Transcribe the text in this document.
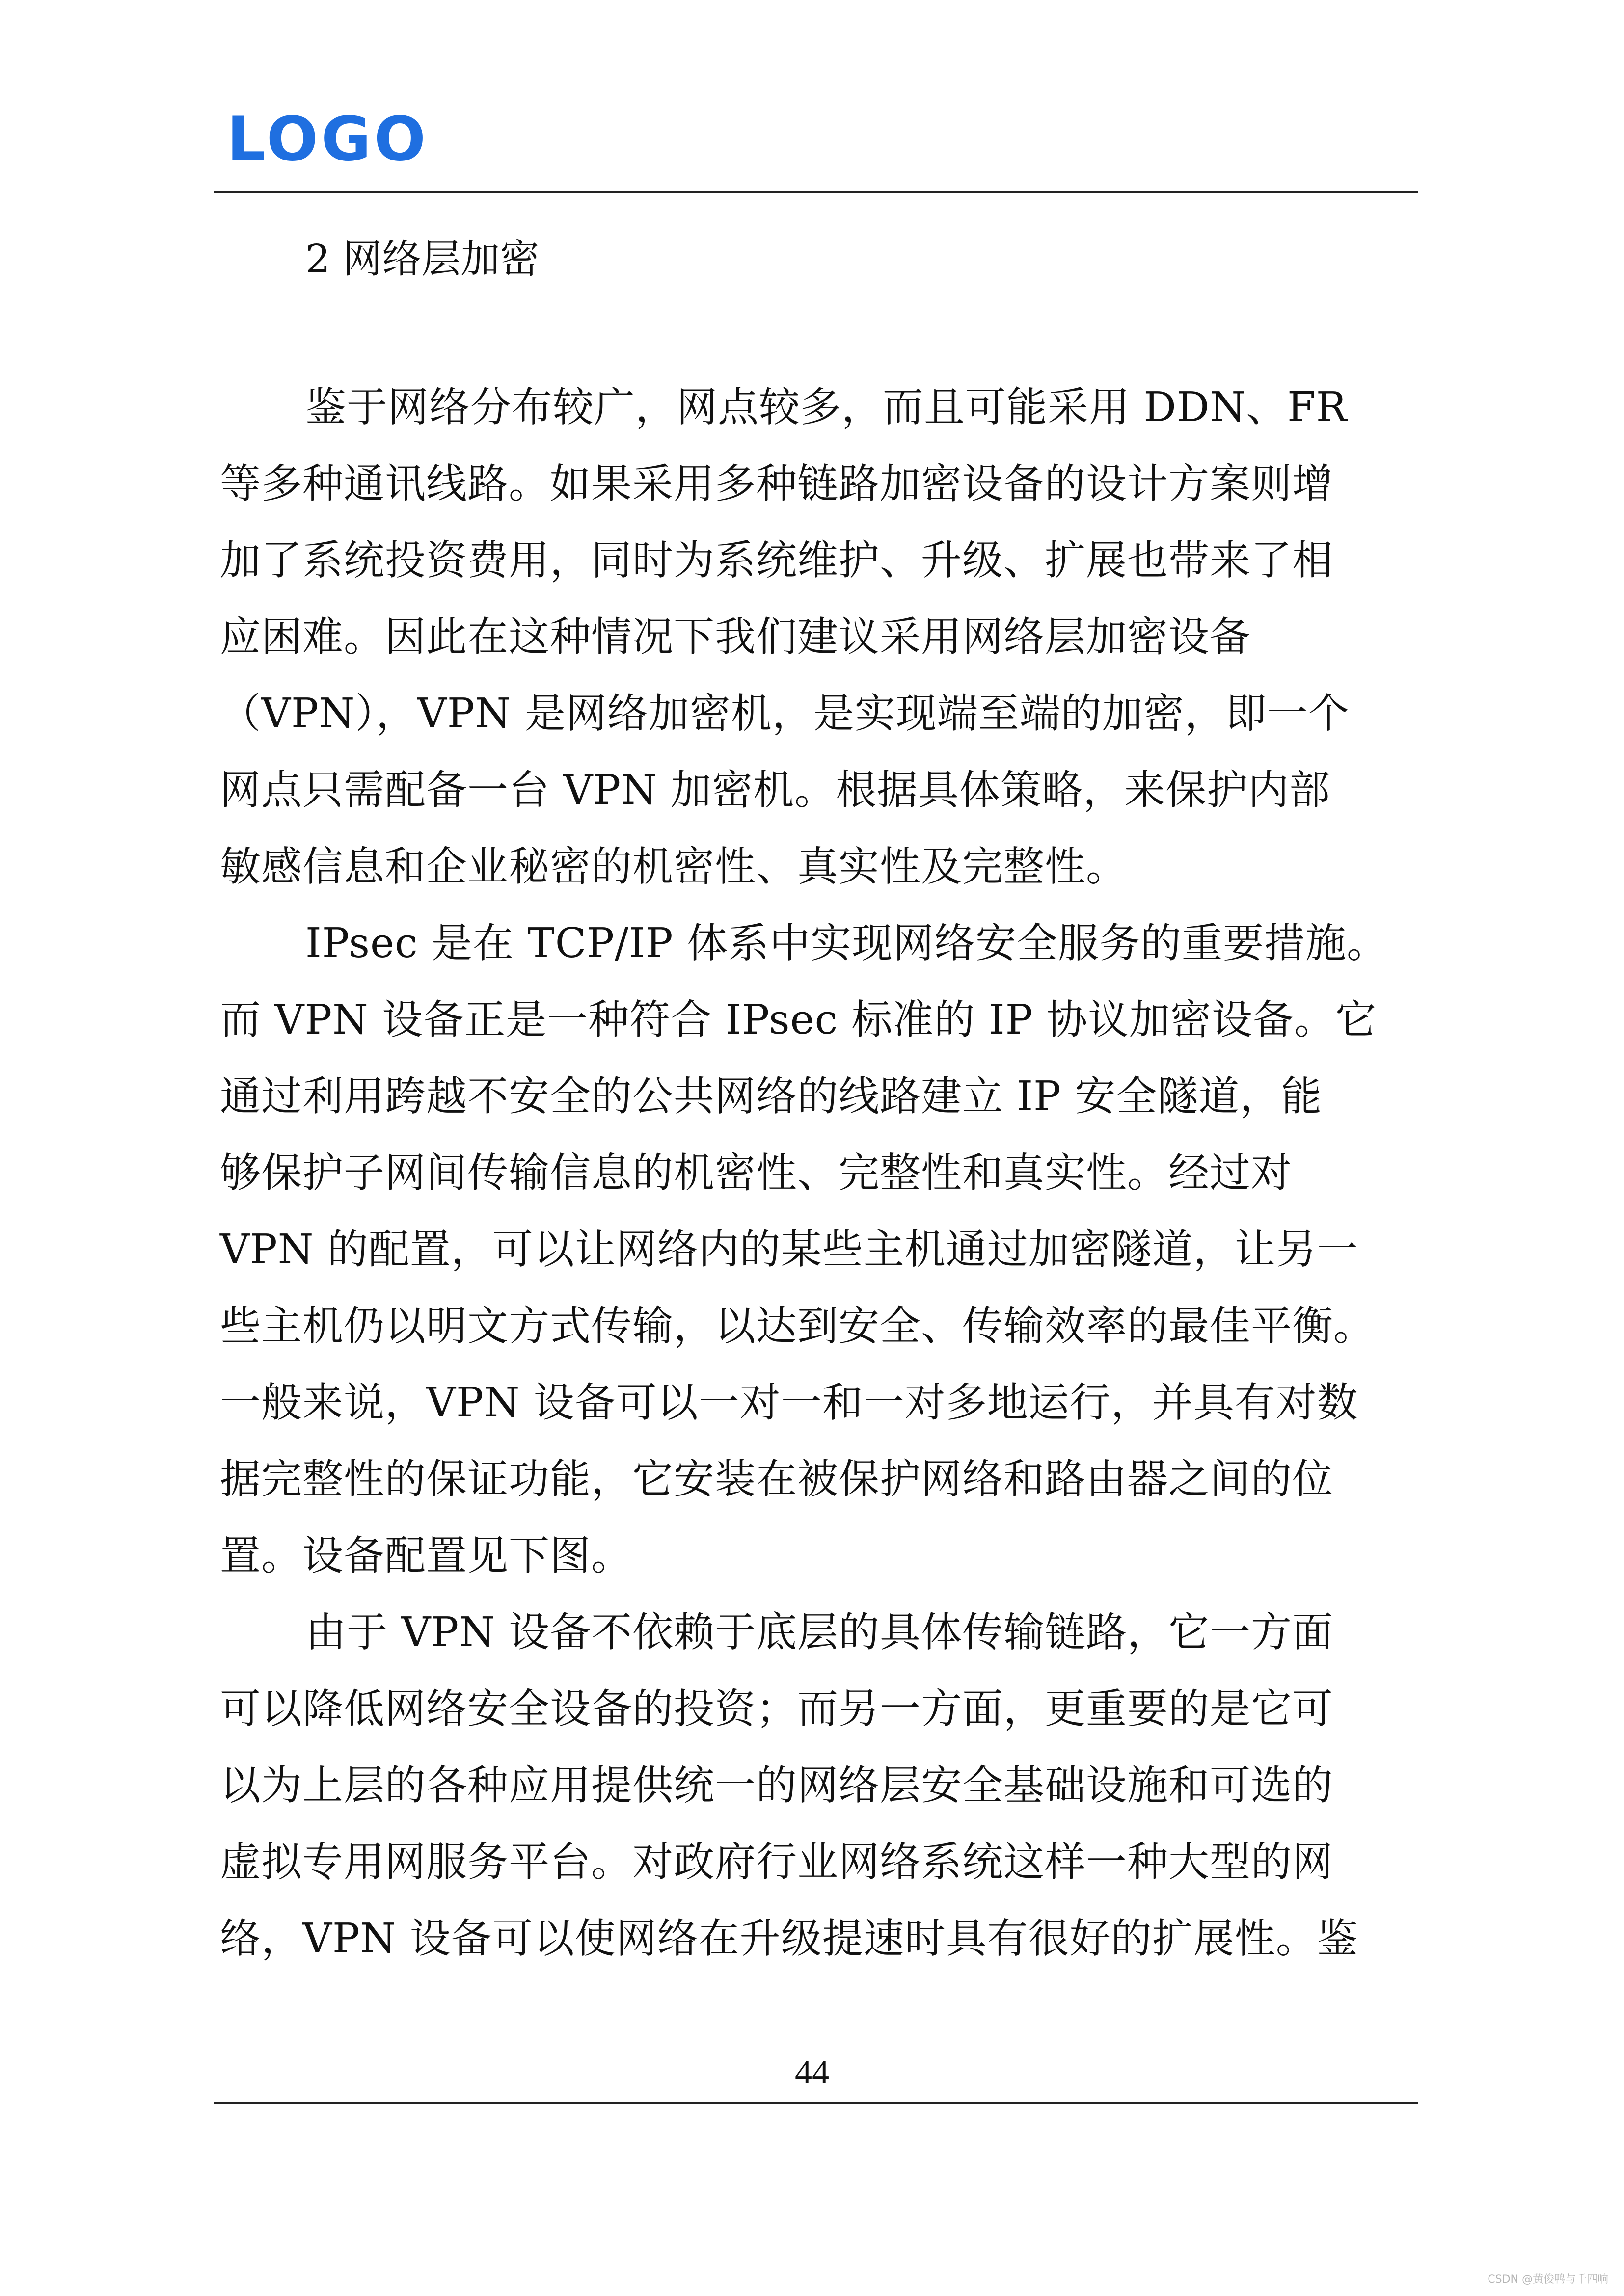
LOGO
2 网络层加密
鉴于网络分布较广，网点较多，而且可能采用 DDN、FR
等多种通讯线路。如果采用多种链路加密设备的设计方案则增
加了系统投资费用，同时为系统维护、升级、扩展也带来了相
应困难。因此在这种情况下我们建议采用网络层加密设备
（VPN），VPN 是网络加密机，是实现端至端的加密，即一个
网点只需配备一台 VPN 加密机。根据具体策略，来保护内部
敏感信息和企业秘密的机密性、真实性及完整性。
IPsec 是在 TCP/IP 体系中实现网络安全服务的重要措施。
而 VPN 设备正是一种符合 IPsec 标准的 IP 协议加密设备。它
通过利用跨越不安全的公共网络的线路建立 IP 安全隧道，能
够保护子网间传输信息的机密性、完整性和真实性。经过对
VPN 的配置，可以让网络内的某些主机通过加密隧道，让另一
些主机仍以明文方式传输，以达到安全、传输效率的最佳平衡。
一般来说，VPN 设备可以一对一和一对多地运行，并具有对数
据完整性的保证功能，它安装在被保护网络和路由器之间的位
置。设备配置见下图。
由于 VPN 设备不依赖于底层的具体传输链路，它一方面
可以降低网络安全设备的投资；而另一方面，更重要的是它可
以为上层的各种应用提供统一的网络层安全基础设施和可选的
虚拟专用网服务平台。对政府行业网络系统这样一种大型的网
络，VPN 设备可以使网络在升级提速时具有很好的扩展性。鉴
44
CSDN @黄俊鸭与千四响
